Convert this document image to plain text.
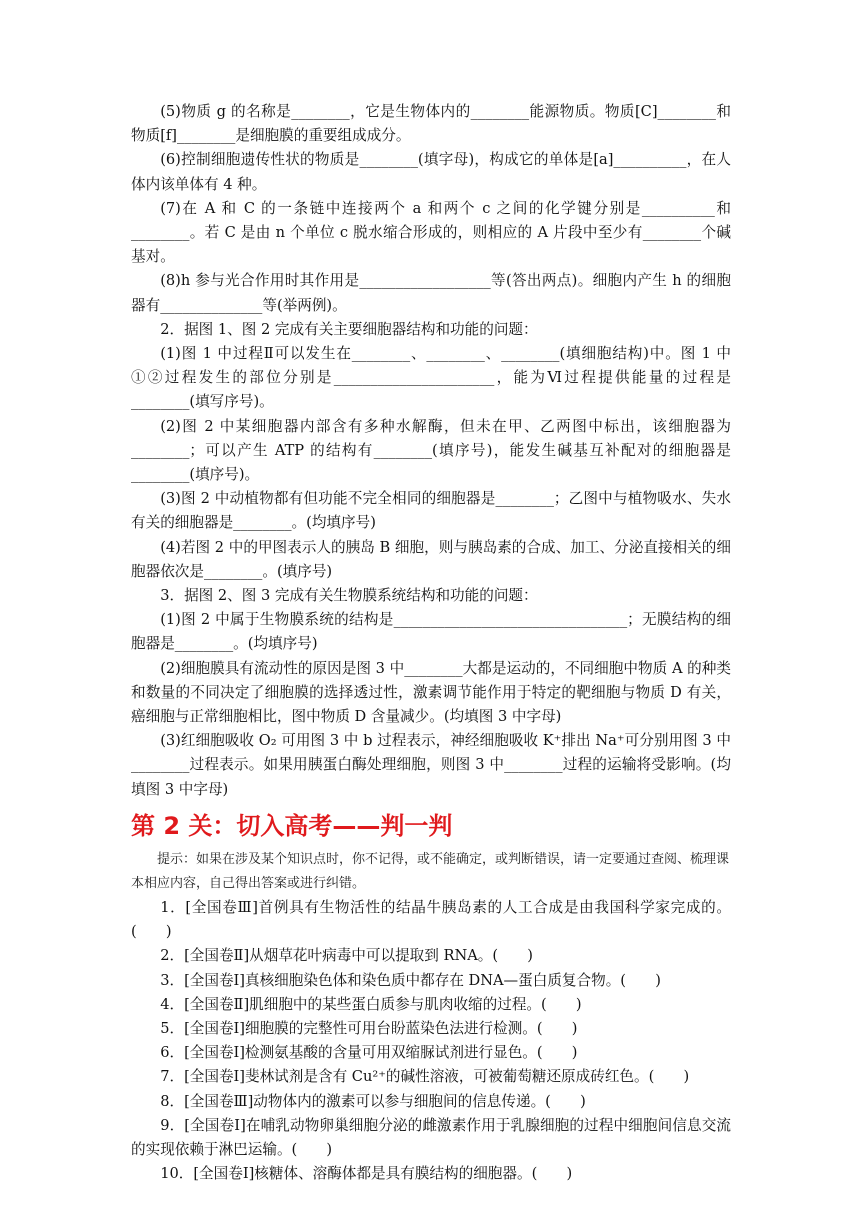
(5)物质 g 的名称是________，它是生物体内的________能源物质。物质[C]________和物质[f]________是细胞膜的重要组成成分。

(6)控制细胞遗传性状的物质是________(填字母)，构成它的单体是[a]__________，在人体内该单体有 4 种。

(7)在 A 和 C 的一条链中连接两个 a 和两个 c 之间的化学键分别是__________和________。若 C 是由 n 个单位 c 脱水缩合形成的，则相应的 A 片段中至少有________个碱基对。

(8)h 参与光合作用时其作用是__________________等(答出两点)。细胞内产生 h 的细胞器有______________等(举两例)。

2．据图 1、图 2 完成有关主要细胞器结构和功能的问题：

(1)图 1 中过程Ⅱ可以发生在________、________、________(填细胞结构)中。图 1 中①②过程发生的部位分别是______________________，能为Ⅵ过程提供能量的过程是________(填写序号)。

(2)图 2 中某细胞器内部含有多种水解酶，但未在甲、乙两图中标出，该细胞器为________；可以产生 ATP 的结构有________(填序号)，能发生碱基互补配对的细胞器是________(填序号)。

(3)图 2 中动植物都有但功能不完全相同的细胞器是________；乙图中与植物吸水、失水有关的细胞器是________。(均填序号)

(4)若图 2 中的甲图表示人的胰岛 B 细胞，则与胰岛素的合成、加工、分泌直接相关的细胞器依次是________。(填序号)

3．据图 2、图 3 完成有关生物膜系统结构和功能的问题：

(1)图 2 中属于生物膜系统的结构是________________________________；无膜结构的细胞器是________。(均填序号)

(2)细胞膜具有流动性的原因是图 3 中________大都是运动的，不同细胞中物质 A 的种类和数量的不同决定了细胞膜的选择透过性，激素调节能作用于特定的靶细胞与物质 D 有关，癌细胞与正常细胞相比，图中物质 D 含量减少。(均填图 3 中字母)

(3)红细胞吸收 O₂ 可用图 3 中 b 过程表示，神经细胞吸收 K⁺排出 Na⁺可分别用图 3 中________过程表示。如果用胰蛋白酶处理细胞，则图 3 中________过程的运输将受影响。(均填图 3 中字母)

第 2 关：切入高考——判一判

提示：如果在涉及某个知识点时，你不记得，或不能确定，或判断错误，请一定要通过查阅、梳理课本相应内容，自己得出答案或进行纠错。

1．[全国卷Ⅲ]首例具有生物活性的结晶牛胰岛素的人工合成是由我国科学家完成的。(　　)

2．[全国卷Ⅱ]从烟草花叶病毒中可以提取到 RNA。(　　)

3．[全国卷Ⅰ]真核细胞染色体和染色质中都存在 DNA—蛋白质复合物。(　　)

4．[全国卷Ⅱ]肌细胞中的某些蛋白质参与肌肉收缩的过程。(　　)

5．[全国卷Ⅰ]细胞膜的完整性可用台盼蓝染色法进行检测。(　　)

6．[全国卷Ⅰ]检测氨基酸的含量可用双缩脲试剂进行显色。(　　)

7．[全国卷Ⅰ]斐林试剂是含有 Cu²⁺的碱性溶液，可被葡萄糖还原成砖红色。(　　)

8．[全国卷Ⅲ]动物体内的激素可以参与细胞间的信息传递。(　　)

9．[全国卷Ⅰ]在哺乳动物卵巢细胞分泌的雌激素作用于乳腺细胞的过程中细胞间信息交流的实现依赖于淋巴运输。(　　)

10．[全国卷Ⅰ]核糖体、溶酶体都是具有膜结构的细胞器。(　　)
